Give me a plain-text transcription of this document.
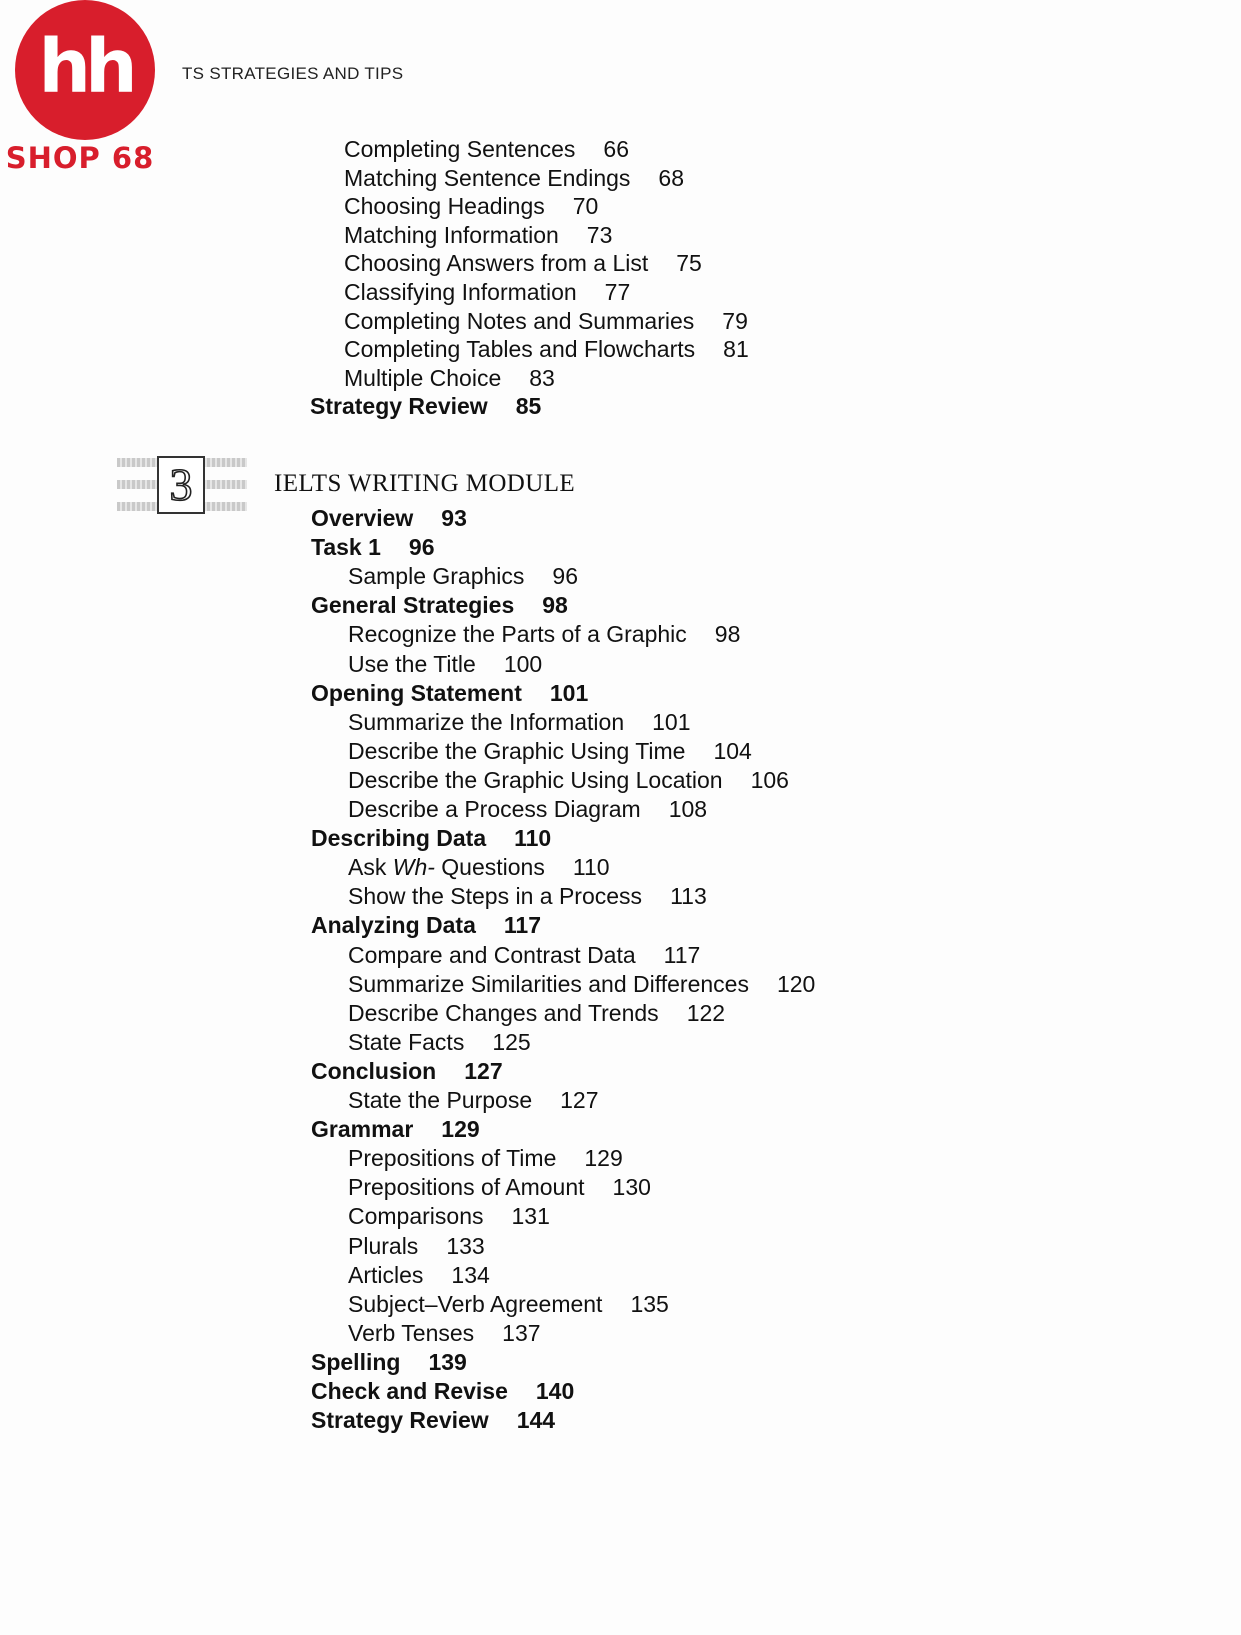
hh
SHOP 68
TS STRATEGIES AND TIPS
3	IELTS WRITING MODULE
Completing Sentences 66
Matching Sentence Endings 68
Choosing Headings 70
Matching Information 73
Choosing Answers from a List 75
Classifying Information 77
Completing Notes and Summaries 79
Completing Tables and Flowcharts 81
Multiple Choice 83
Strategy Review 85
Overview 93
Task 1 96
Sample Graphics 96
General Strategies 98
Recognize the Parts of a Graphic 98
Use the Title 100
Opening Statement 101
Summarize the Information 101
Describe the Graphic Using Time 104
Describe the Graphic Using Location 106
Describe a Process Diagram 108
Describing Data 110
Ask Wh- Questions 110
Show the Steps in a Process 113
Analyzing Data 117
Compare and Contrast Data 117
Summarize Similarities and Differences 120
Describe Changes and Trends 122
State Facts 125
Conclusion 127
State the Purpose 127
Grammar 129
Prepositions of Time 129
Prepositions of Amount 130
Comparisons 131
Plurals 133
Articles 134
Subject–Verb Agreement 135
Verb Tenses 137
Spelling 139
Check and Revise 140
Strategy Review 144
